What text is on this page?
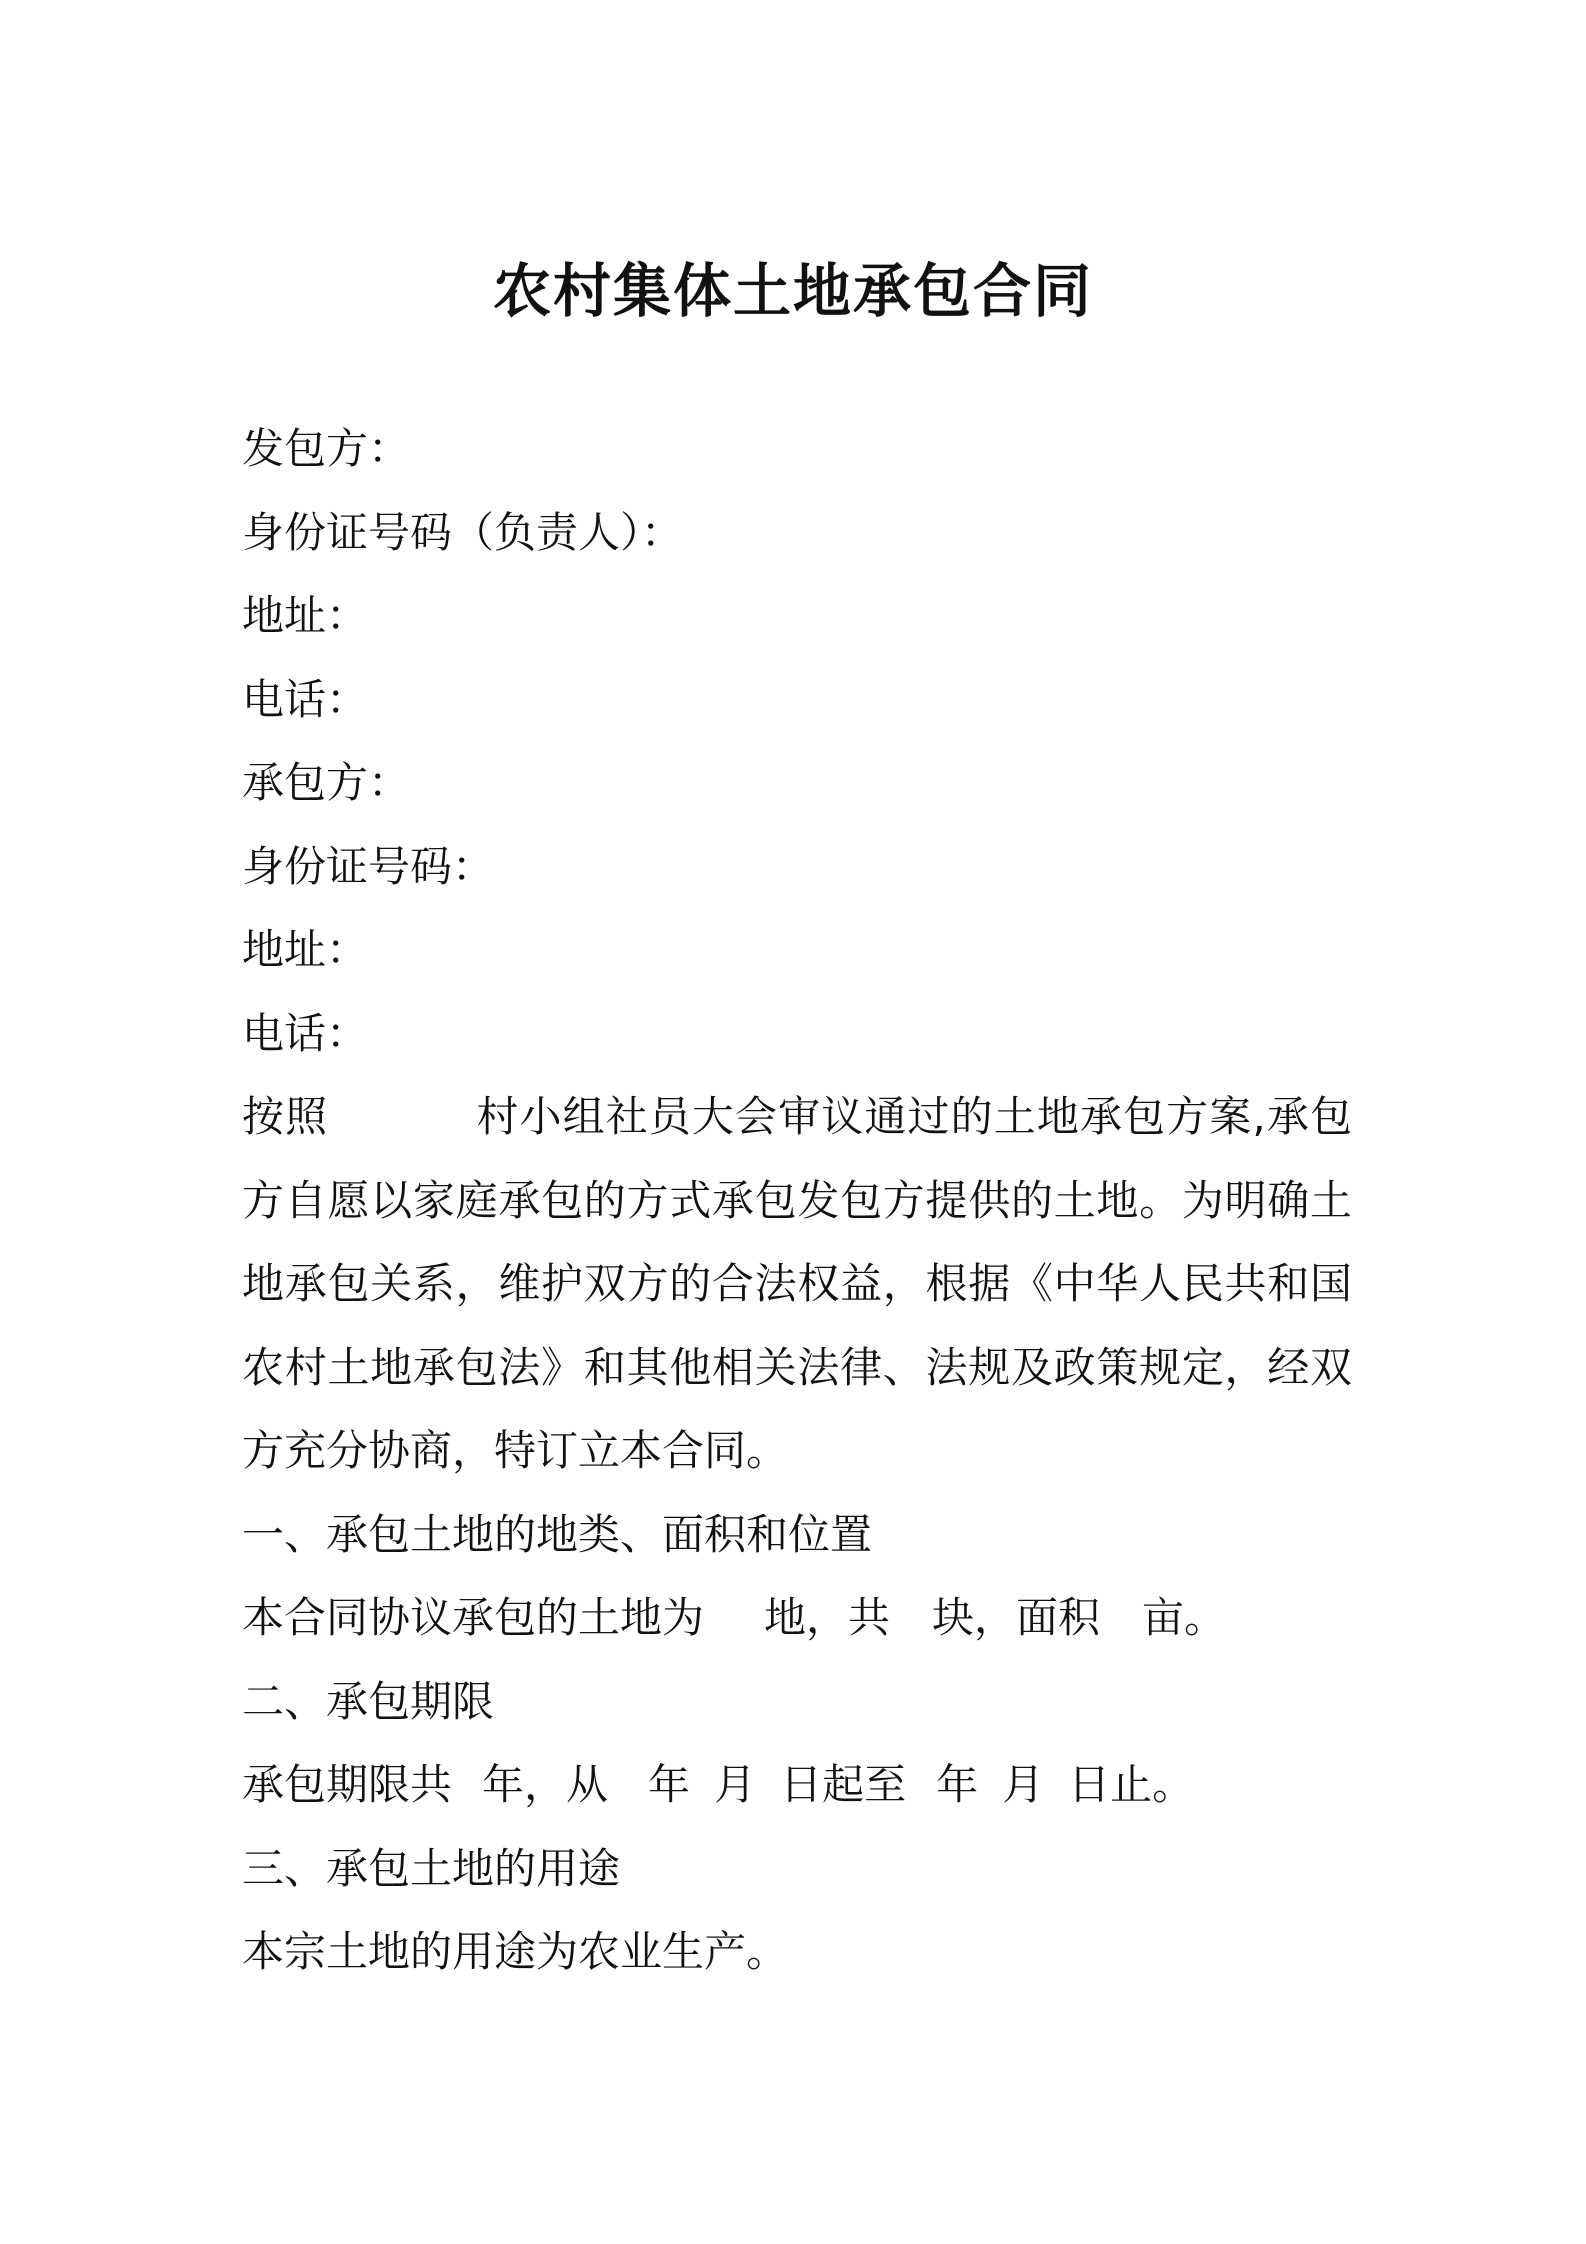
农村集体土地承包合同
发包方：
身份证号码（负责人）：
地址：
电话：
承包方：
身份证号码：
地址：
电话：
按照	村小组社员大会审议通过的土地承包方案,承包方自愿以家庭承包的方式承包发包方提供的土地。为明确土地承包关系，维护双方的合法权益，根据《中华人民共和国农村土地承包法》和其他相关法律、法规及政策规定，经双方充分协商，特订立本合同。
一、承包土地的地类、面积和位置
本合同协议承包的土地为 地，共 块，面积 亩。
二、承包期限
承包期限共 年，从 年 月 日起至 年 月 日止。
三、承包土地的用途
本宗土地的用途为农业生产。
